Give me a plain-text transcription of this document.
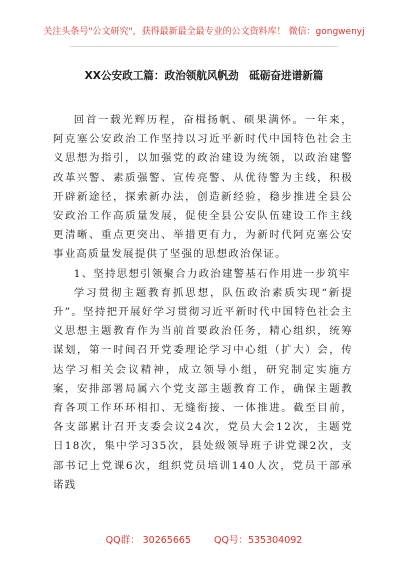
关注头条号"公文研究"，获得最新最全最专业的公文资料库！ 微信：gongwenyj
XX公安政工篇：政治领航风帆劲　砥砺奋进谱新篇

回首一载光辉历程，奋楫扬帆、硕果满怀。一年来，阿克塞公安政治工作坚持以习近平新时代中国特色社会主义思想为指引，以加强党的政治建设为统领，以政治建警改革兴警、素质强警、宣传亮警、从优待警为主线，积极开辟新途径，探索新办法，创造新经验，稳步推进全县公安政治工作高质量发展，促使全县公安队伍建设工作主线更清晰、重点更突出、举措更有力，为新时代阿克塞公安事业高质量发展提供了坚强的思想政治保证。

1、坚持思想引领聚合力政治建警基石作用进一步筑牢

学习贯彻主题教育抓思想，队伍政治素质实现“新提升”。坚持把开展好学习贯彻习近平新时代中国特色社会主义思想主题教育作为当前首要政治任务，精心组织，统筹谋划，第一时间召开党委理论学习中心组（扩大）会，传达学习相关会议精神，成立领导小组，研究制定实施方案，安排部署局属六个党支部主题教育工作，确保主题教育各项工作环环相扣、无缝衔接、一体推进。截至目前，各支部累计召开支委会议24次，党员大会12次，主题党日18次，集中学习35次，县处级领导班子讲党课2次，支部书记上党课6次，组织党员培训140人次，党员干部承诺践

QQ群： 30265665 QQ号：535304092
